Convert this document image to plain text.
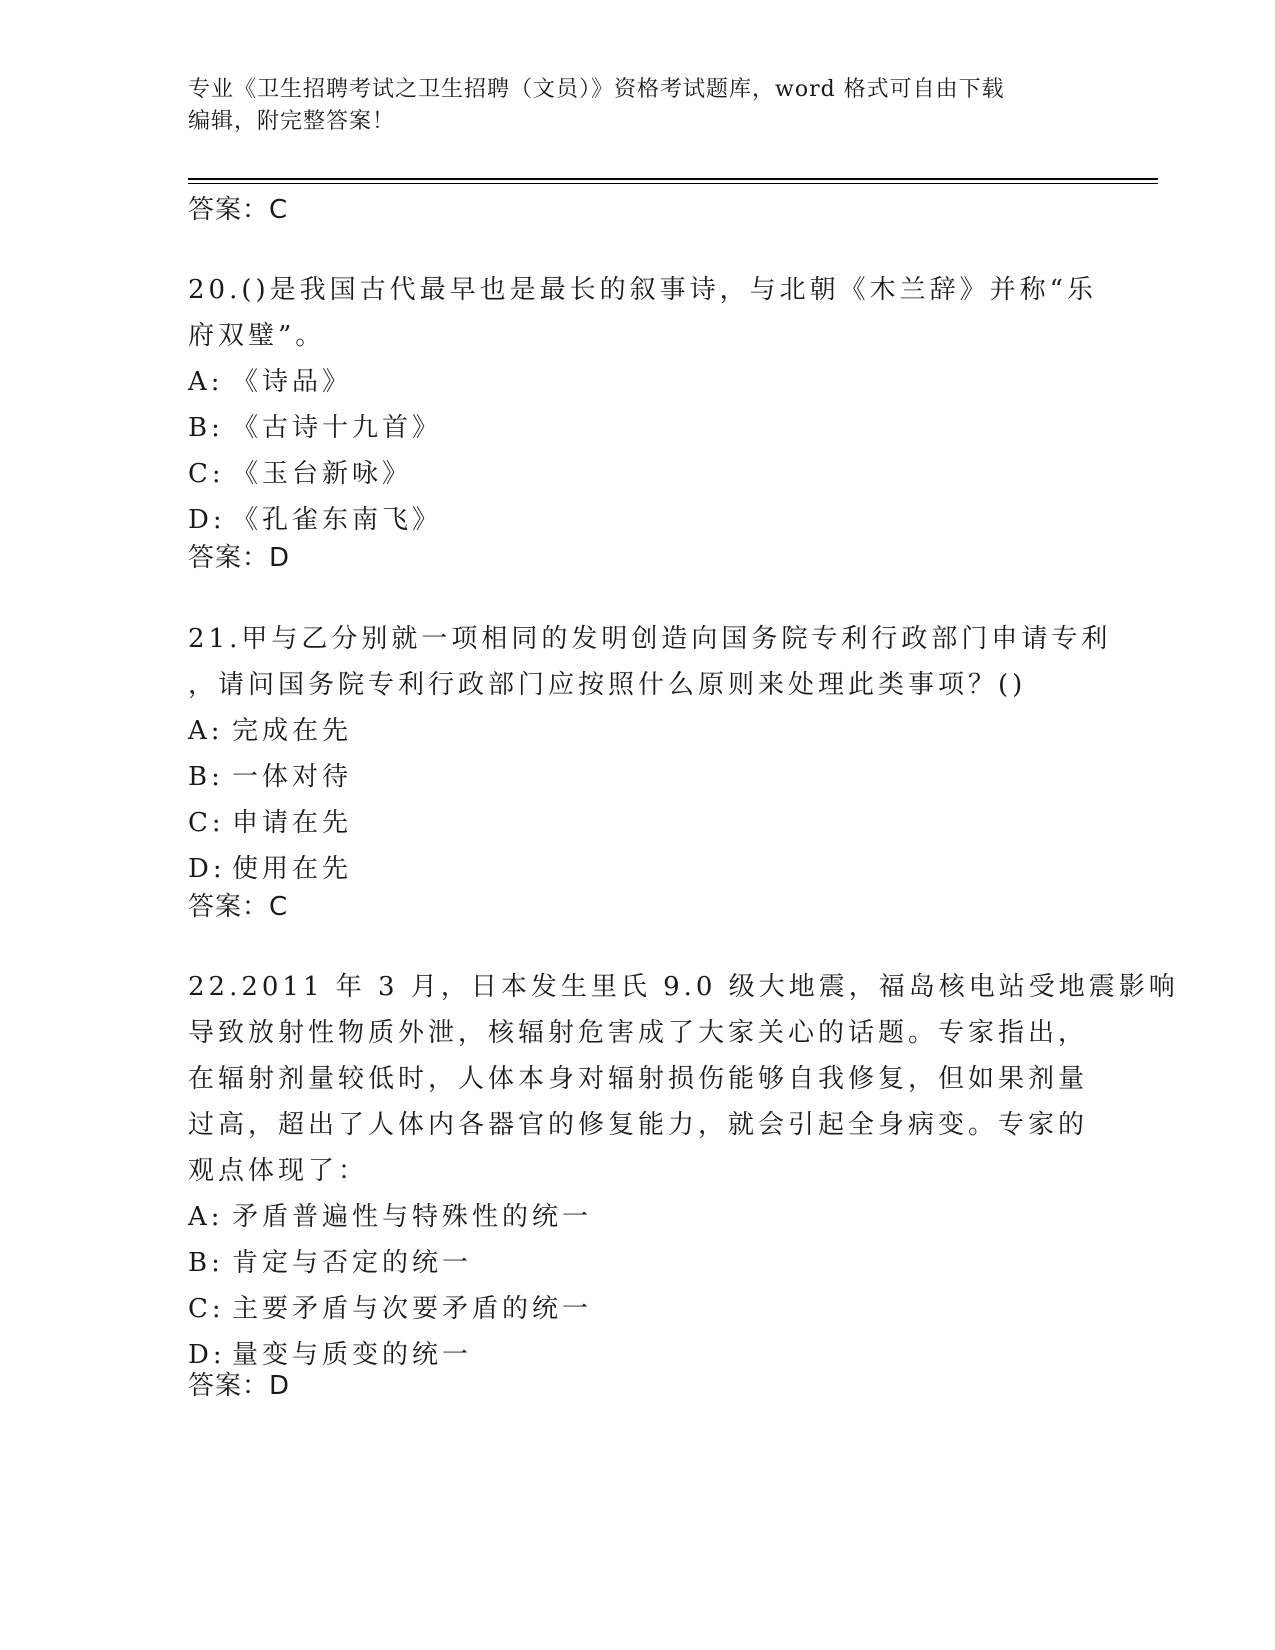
专业《卫生招聘考试之卫生招聘（文员）》资格考试题库，word 格式可自由下载
编辑，附完整答案！
答案：C
20.()是我国古代最早也是最长的叙事诗，与北朝《木兰辞》并称“乐
府双璧”。
A: 《诗品》
B: 《古诗十九首》
C: 《玉台新咏》
D: 《孔雀东南飞》
答案：D
21.甲与乙分别就一项相同的发明创造向国务院专利行政部门申请专利
，请问国务院专利行政部门应按照什么原则来处理此类事项？()
A: 完成在先
B: 一体对待
C: 申请在先
D: 使用在先
答案：C
22.2011 年 3 月，日本发生里氏 9.0 级大地震，福岛核电站受地震影响
导致放射性物质外泄，核辐射危害成了大家关心的话题。专家指出，
在辐射剂量较低时，人体本身对辐射损伤能够自我修复，但如果剂量
过高，超出了人体内各器官的修复能力，就会引起全身病变。专家的
观点体现了：
A: 矛盾普遍性与特殊性的统一
B: 肯定与否定的统一
C: 主要矛盾与次要矛盾的统一
D: 量变与质变的统一
答案：D
